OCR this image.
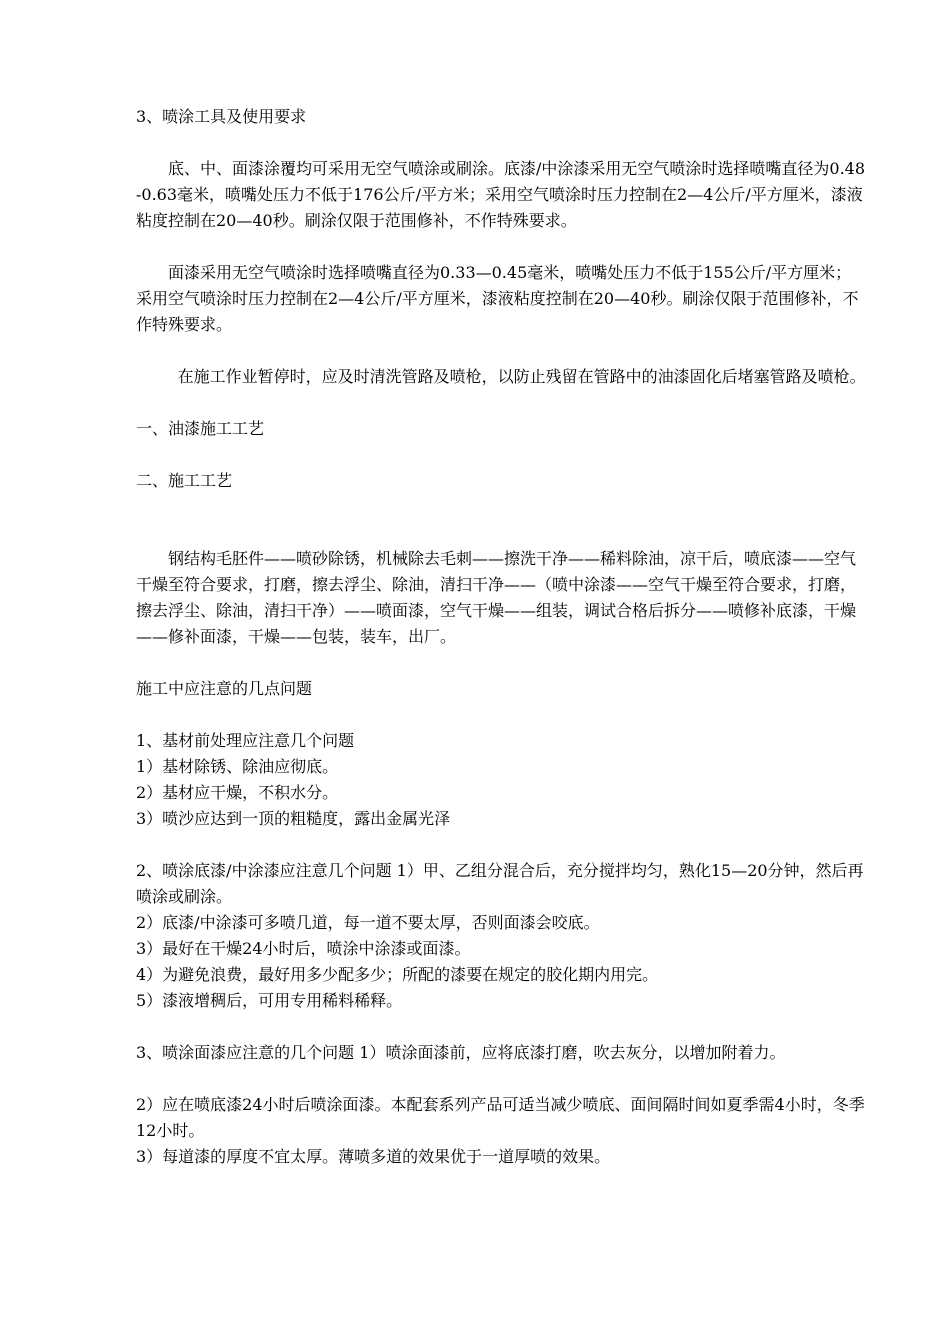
3、喷涂工具及使用要求

底、中、面漆涂覆均可采用无空气喷涂或刷涂。底漆/中涂漆采用无空气喷涂时选择喷嘴直径为0.48-0.63毫米，喷嘴处压力不低于176公斤/平方米；采用空气喷涂时压力控制在2—4公斤/平方厘米，漆液粘度控制在20—40秒。刷涂仅限于范围修补，不作特殊要求。

面漆采用无空气喷涂时选择喷嘴直径为0.33—0.45毫米，喷嘴处压力不低于155公斤/平方厘米；采用空气喷涂时压力控制在2—4公斤/平方厘米，漆液粘度控制在20—40秒。刷涂仅限于范围修补，不作特殊要求。

在施工作业暂停时，应及时清洗管路及喷枪，以防止残留在管路中的油漆固化后堵塞管路及喷枪。

一、油漆施工工艺

二、施工工艺

钢结构毛胚件——喷砂除锈，机械除去毛刺——擦洗干净——稀料除油，凉干后，喷底漆——空气干燥至符合要求，打磨，擦去浮尘、除油，清扫干净——（喷中涂漆——空气干燥至符合要求，打磨，擦去浮尘、除油，清扫干净）——喷面漆，空气干燥——组装，调试合格后拆分——喷修补底漆，干燥——修补面漆，干燥——包装，装车，出厂。

施工中应注意的几点问题

1、基材前处理应注意几个问题

1）基材除锈、除油应彻底。

2）基材应干燥，不积水分。

3）喷沙应达到一顶的粗糙度，露出金属光泽

2、喷涂底漆/中涂漆应注意几个问题 1）甲、乙组分混合后，充分搅拌均匀，熟化15—20分钟，然后再喷涂或刷涂。

2）底漆/中涂漆可多喷几道，每一道不要太厚，否则面漆会咬底。

3）最好在干燥24小时后，喷涂中涂漆或面漆。

4）为避免浪费，最好用多少配多少；所配的漆要在规定的胶化期内用完。

5）漆液增稠后，可用专用稀料稀释。

3、喷涂面漆应注意的几个问题 1）喷涂面漆前，应将底漆打磨，吹去灰分，以增加附着力。

2）应在喷底漆24小时后喷涂面漆。本配套系列产品可适当减少喷底、面间隔时间如夏季需4小时，冬季12小时。

3）每道漆的厚度不宜太厚。薄喷多道的效果优于一道厚喷的效果。
